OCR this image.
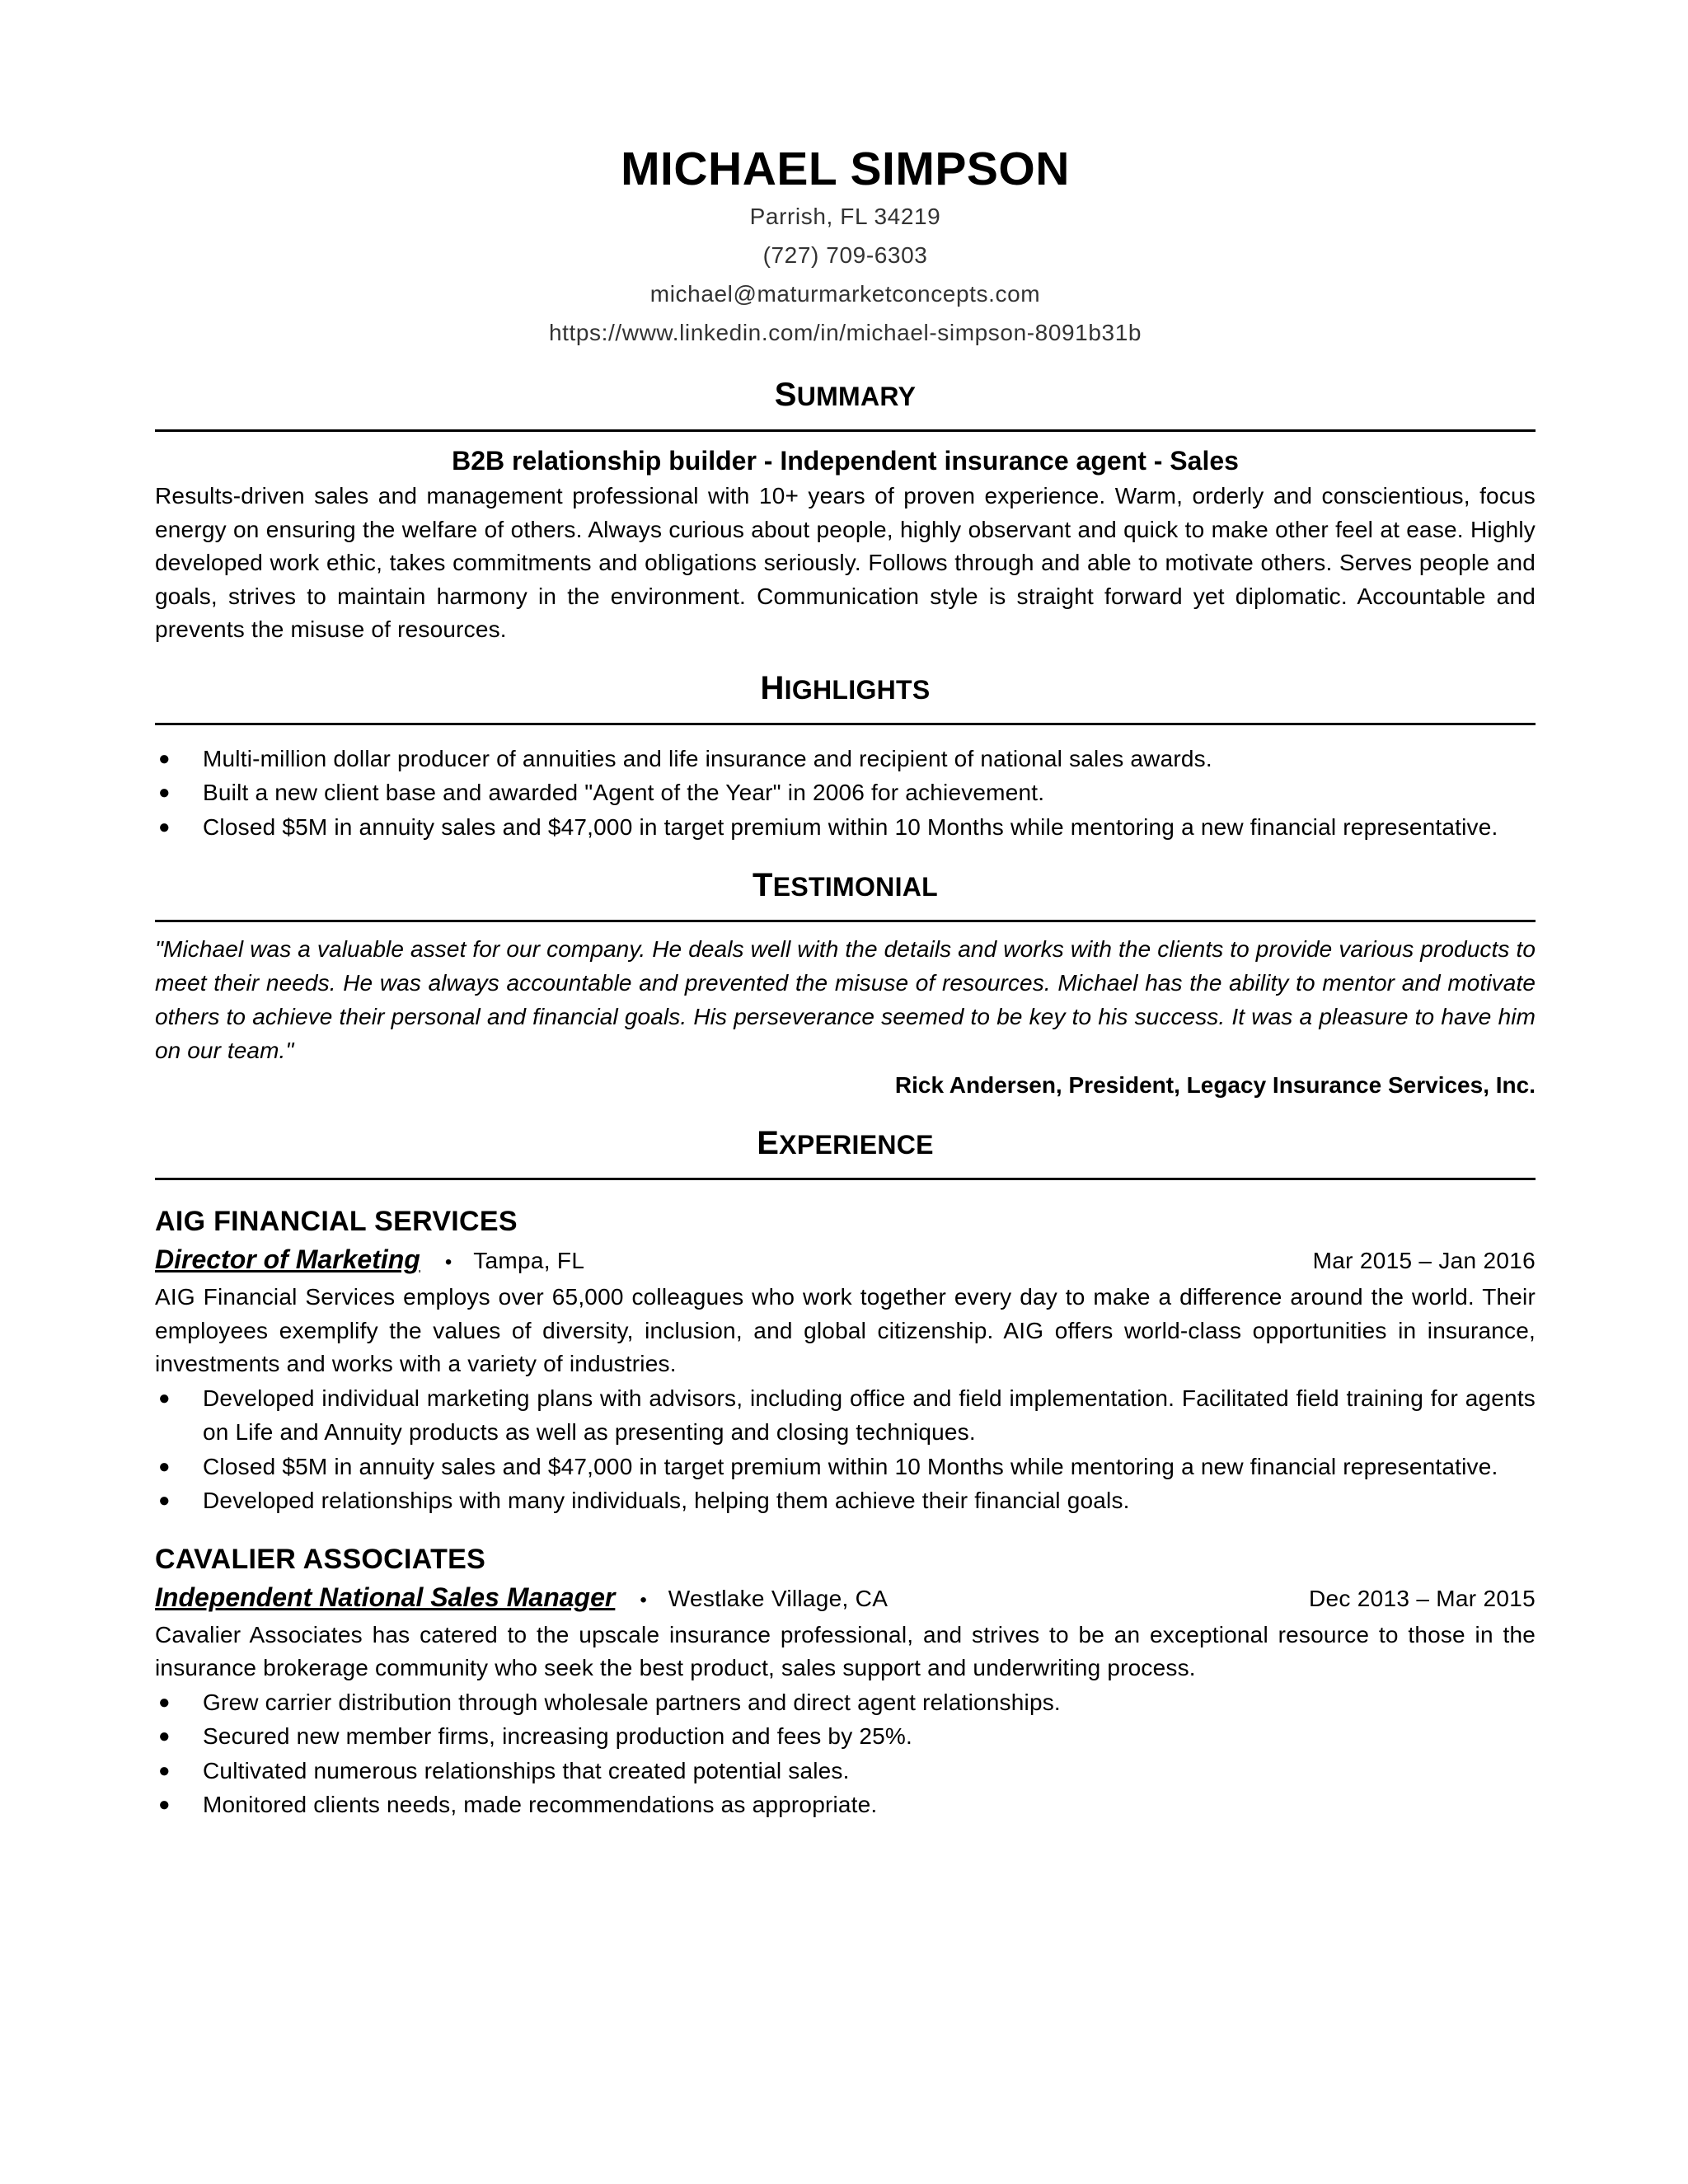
MICHAEL SIMPSON
Parrish, FL 34219
(727) 709-6303
michael@maturmarketconcepts.com
https://www.linkedin.com/in/michael-simpson-8091b31b
SUMMARY
B2B relationship builder - Independent insurance agent - Sales
Results-driven sales and management professional with 10+ years of proven experience. Warm, orderly and conscientious, focus energy on ensuring the welfare of others. Always curious about people, highly observant and quick to make other feel at ease. Highly developed work ethic, takes commitments and obligations seriously. Follows through and able to motivate others. Serves people and goals, strives to maintain harmony in the environment. Communication style is straight forward yet diplomatic. Accountable and prevents the misuse of resources.
HIGHLIGHTS
● Multi-million dollar producer of annuities and life insurance and recipient of national sales awards.
● Built a new client base and awarded "Agent of the Year" in 2006 for achievement.
● Closed $5M in annuity sales and $47,000 in target premium within 10 Months while mentoring a new financial representative.
TESTIMONIAL
"Michael was a valuable asset for our company. He deals well with the details and works with the clients to provide various products to meet their needs. He was always accountable and prevented the misuse of resources. Michael has the ability to mentor and motivate others to achieve their personal and financial goals. His perseverance seemed to be key to his success. It was a pleasure to have him on our team."
Rick Andersen, President, Legacy Insurance Services, Inc.
EXPERIENCE
AIG FINANCIAL SERVICES
Director of Marketing • Tampa, FL	Mar 2015 – Jan 2016
AIG Financial Services employs over 65,000 colleagues who work together every day to make a difference around the world. Their employees exemplify the values of diversity, inclusion, and global citizenship. AIG offers world-class opportunities in insurance, investments and works with a variety of industries.
● Developed individual marketing plans with advisors, including office and field implementation. Facilitated field training for agents on Life and Annuity products as well as presenting and closing techniques.
● Closed $5M in annuity sales and $47,000 in target premium within 10 Months while mentoring a new financial representative.
● Developed relationships with many individuals, helping them achieve their financial goals.
CAVALIER ASSOCIATES
Independent National Sales Manager • Westlake Village, CA	Dec 2013 – Mar 2015
Cavalier Associates has catered to the upscale insurance professional, and strives to be an exceptional resource to those in the insurance brokerage community who seek the best product, sales support and underwriting process.
● Grew carrier distribution through wholesale partners and direct agent relationships.
● Secured new member firms, increasing production and fees by 25%.
● Cultivated numerous relationships that created potential sales.
● Monitored clients needs, made recommendations as appropriate.
